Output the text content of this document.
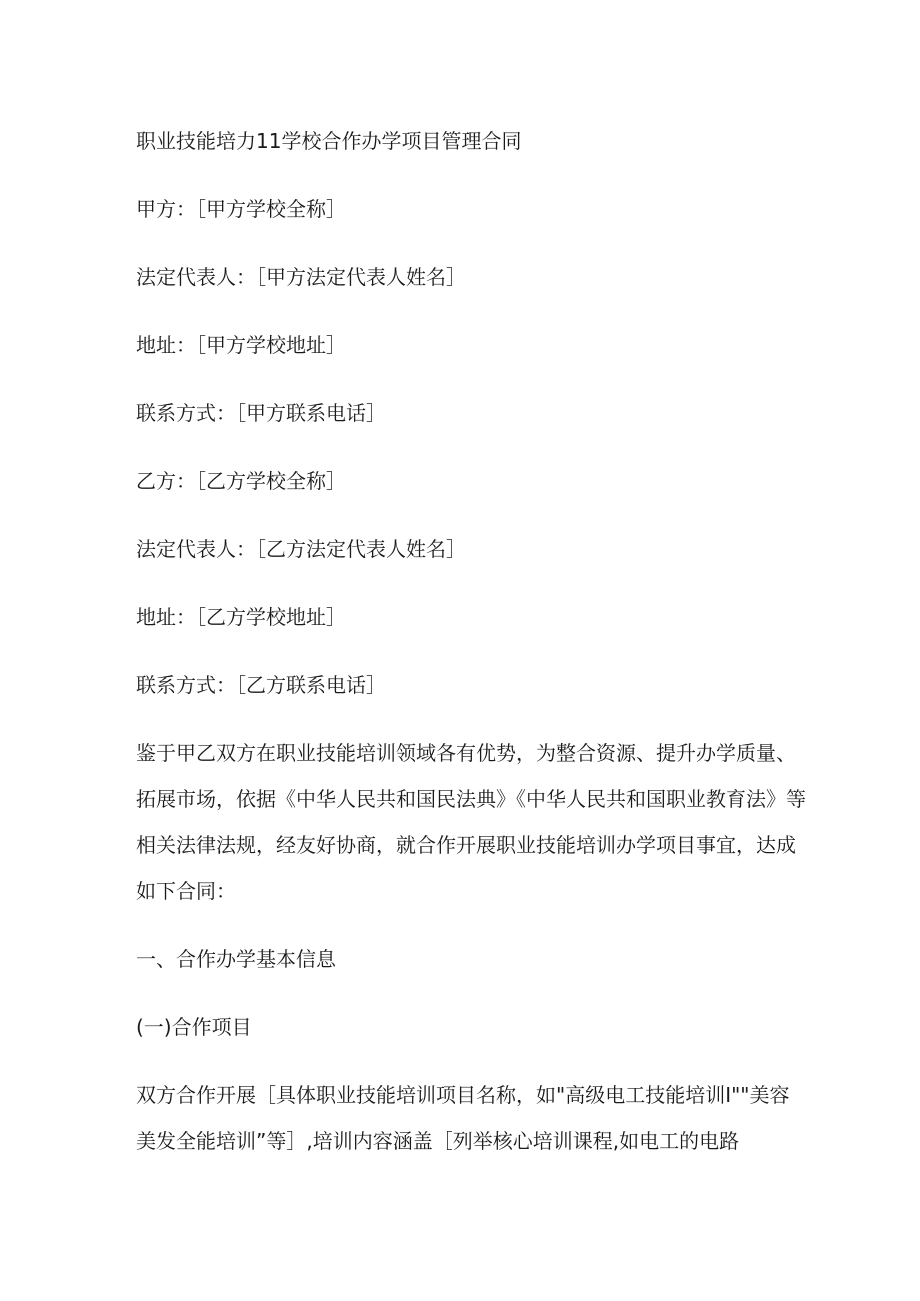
职业技能培力11学校合作办学项目管理合同

甲方：［甲方学校全称］

法定代表人：［甲方法定代表人姓名］

地址：［甲方学校地址］

联系方式：［甲方联系电话］

乙方：［乙方学校全称］

法定代表人：［乙方法定代表人姓名］

地址：［乙方学校地址］

联系方式：［乙方联系电话］

鉴于甲乙双方在职业技能培训领域各有优势，为整合资源、提升办学质量、拓展市场，依据《中华人民共和国民法典》《中华人民共和国职业教育法》等相关法律法规，经友好协商，就合作开展职业技能培训办学项目事宜，达成如下合同：

一、合作办学基本信息

(一)合作项目

双方合作开展［具体职业技能培训项目名称，如"高级电工技能培训I""美容美发全能培训”等］,培训内容涵盖［列举核心培训课程,如电工的电路
